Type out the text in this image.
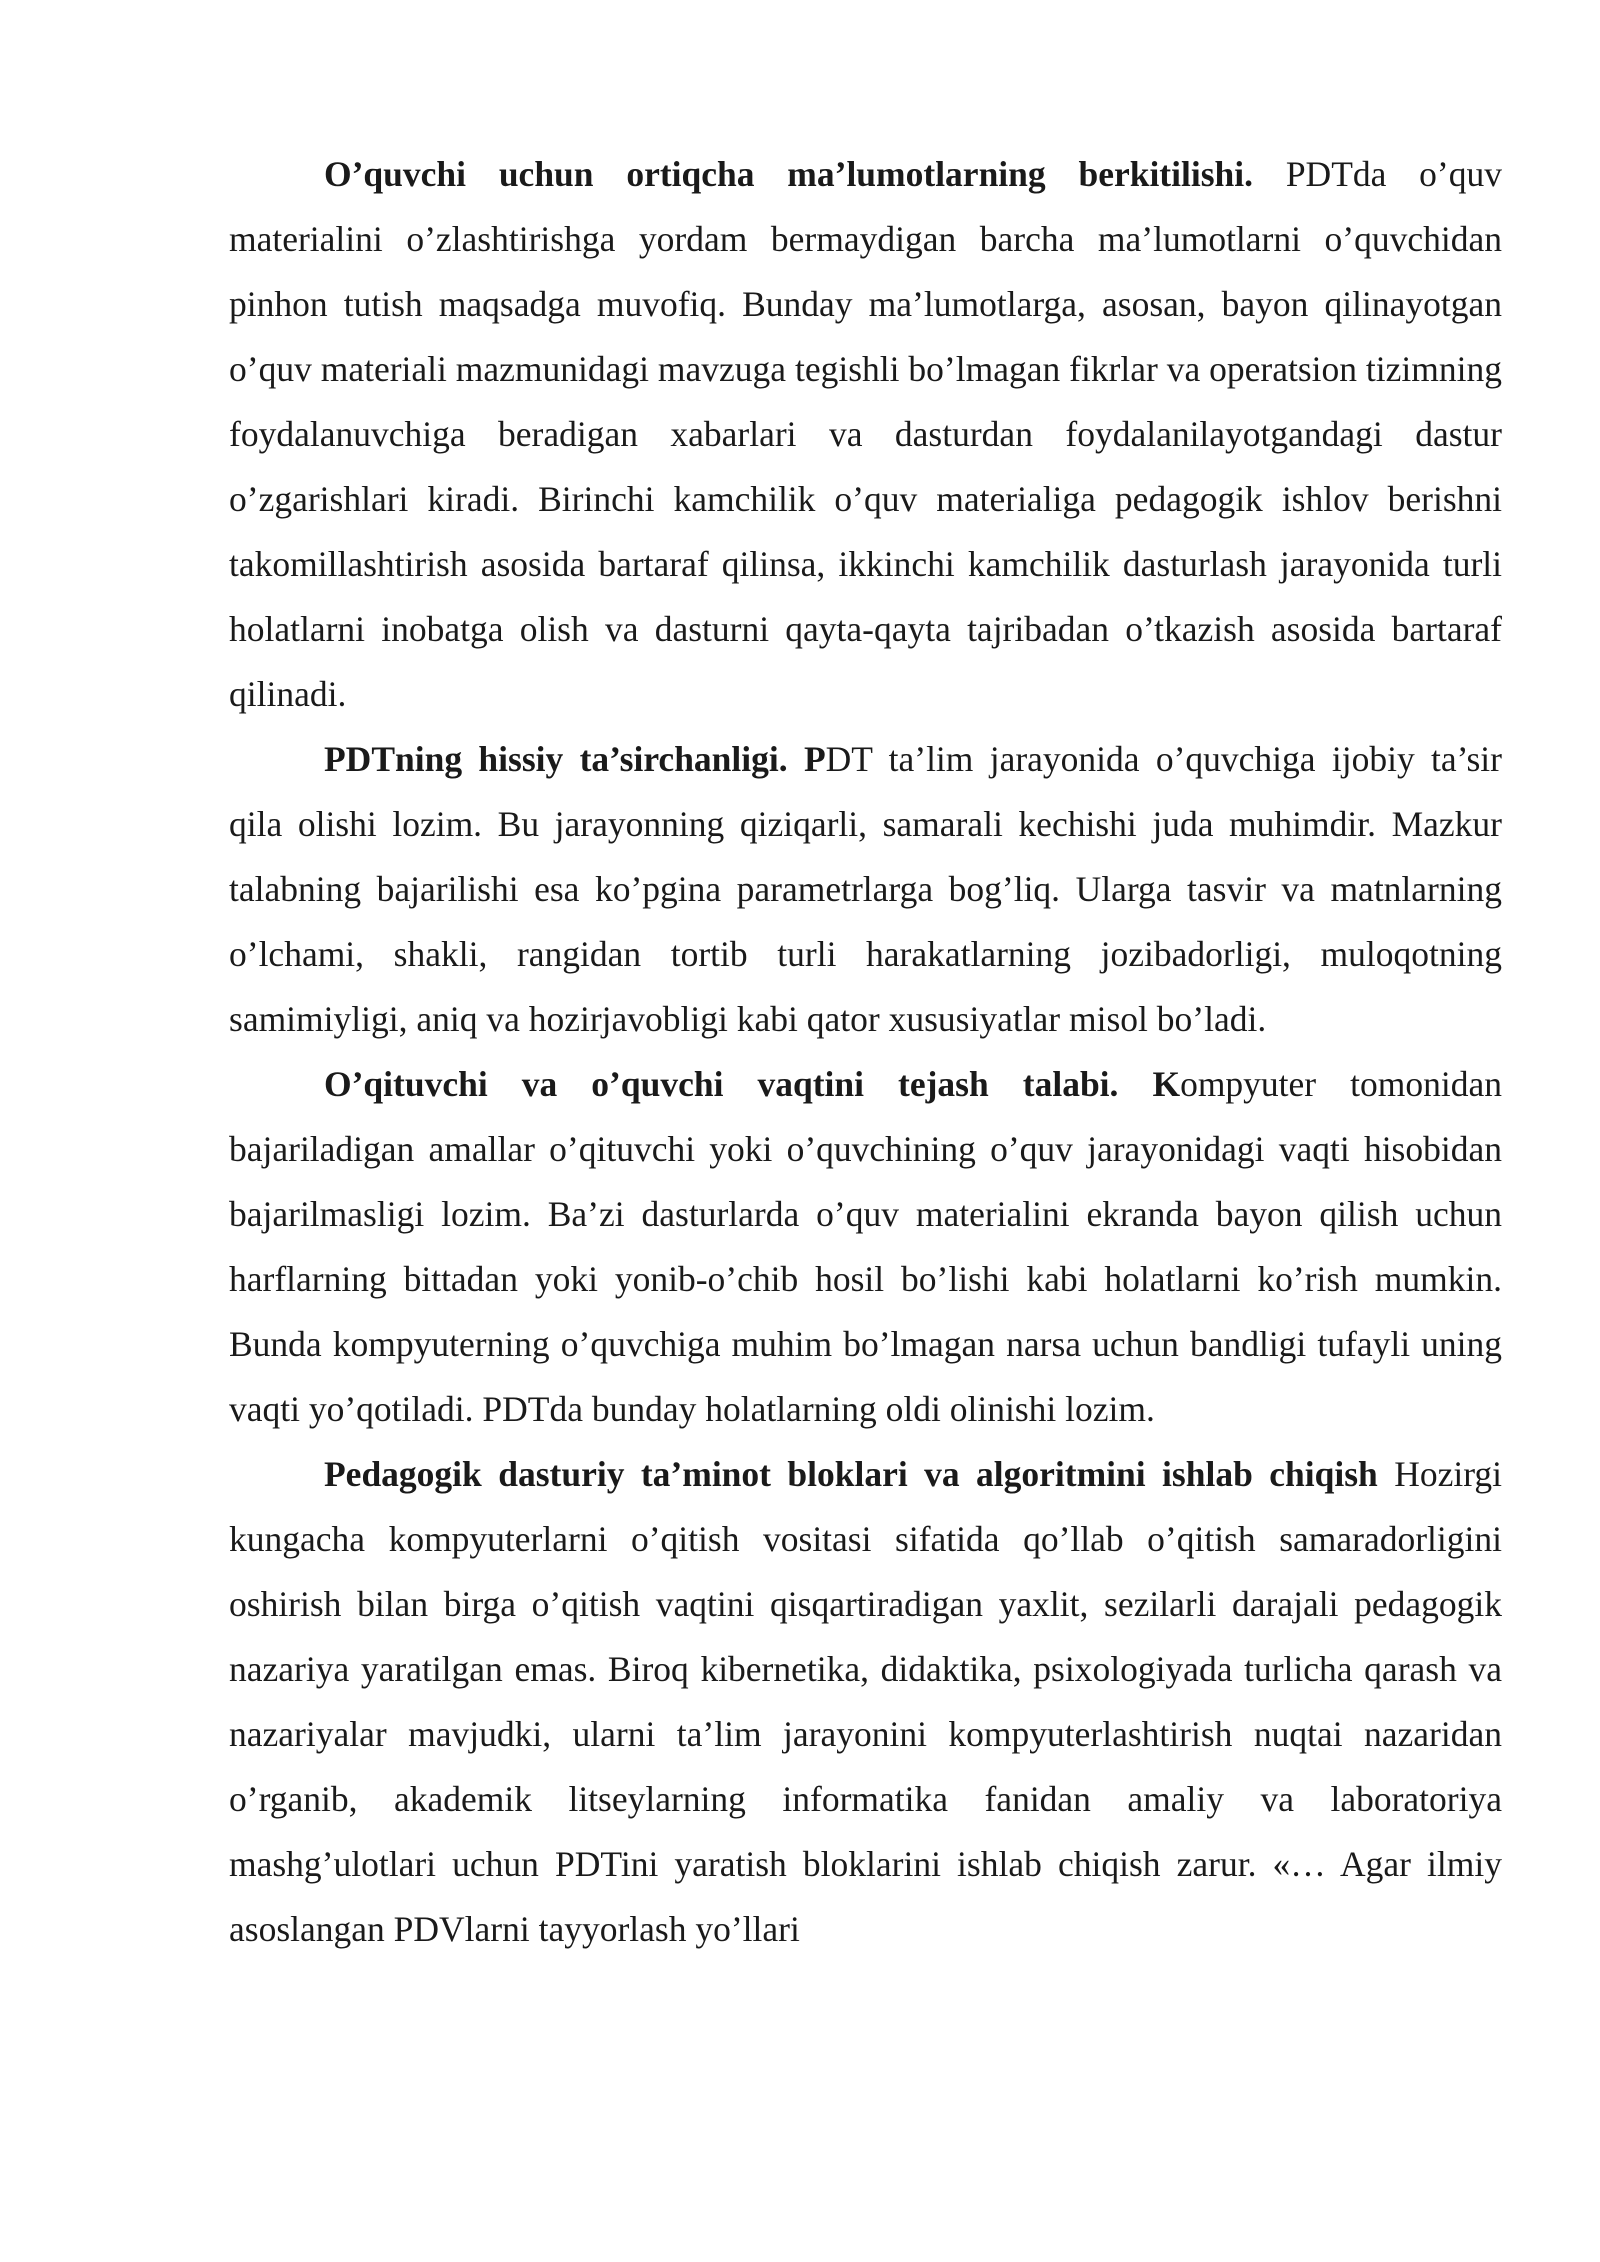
O’quvchi uchun ortiqcha ma’lumotlarning berkitilishi. PDTda o’quv materialini o’zlashtirishga yordam bermaydigan barcha ma’lumotlarni o’quvchidan pinhon tutish maqsadga muvofiq. Bunday ma’lumotlarga, asosan, bayon qilinayotgan o’quv materiali mazmunidagi mavzuga tegishli bo’lmagan fikrlar va operatsion tizimning foydalanuvchiga beradigan xabarlari va dasturdan foydalanilayotgandagi dastur o’zgarishlari kiradi. Birinchi kamchilik o’quv materialiga pedagogik ishlov berishni takomillashtirish asosida bartaraf qilinsa, ikkinchi kamchilik dasturlash jarayonida turli holatlarni inobatga olish va dasturni qayta-qayta tajribadan o’tkazish asosida bartaraf qilinadi.

PDTning hissiy ta’sirchanligi. PDT ta’lim jarayonida o’quvchiga ijobiy ta’sir qila olishi lozim. Bu jarayonning qiziqarli, samarali kechishi juda muhimdir. Mazkur talabning bajarilishi esa ko’pgina parametrlarga bog’liq. Ularga tasvir va matnlarning o’lchami, shakli, rangidan tortib turli harakatlarning jozibadorligi, muloqotning samimiyligi, aniq va hozirjavobligi kabi qator xususiyatlar misol bo’ladi.

O’qituvchi va o’quvchi vaqtini tejash talabi. Kompyuter tomonidan bajariladigan amallar o’qituvchi yoki o’quvchining o’quv jarayonidagi vaqti hisobidan bajarilmasligi lozim. Ba’zi dasturlarda o’quv materialini ekranda bayon qilish uchun harflarning bittadan yoki yonib-o’chib hosil bo’lishi kabi holatlarni ko’rish mumkin. Bunda kompyuterning o’quvchiga muhim bo’lmagan narsa uchun bandligi tufayli uning vaqti yo’qotiladi. PDTda bunday holatlarning oldi olinishi lozim.

Pedagogik dasturiy ta’minot bloklari va algoritmini ishlab chiqish Hozirgi kungacha kompyuterlarni o’qitish vositasi sifatida qo’llab o’qitish samaradorligini oshirish bilan birga o’qitish vaqtini qisqartiradigan yaxlit, sezilarli darajali pedagogik nazariya yaratilgan emas. Biroq kibernetika, didaktika, psixologiyada turlicha qarash va nazariyalar mavjudki, ularni ta’lim jarayonini kompyuterlashtirish nuqtai nazaridan o’rganib, akademik litseylarning informatika fanidan amaliy va laboratoriya mashg’ulotlari uchun PDTini yaratish bloklarini ishlab chiqish zarur. «… Agar ilmiy asoslangan PDVlarni tayyorlash yo’llari
